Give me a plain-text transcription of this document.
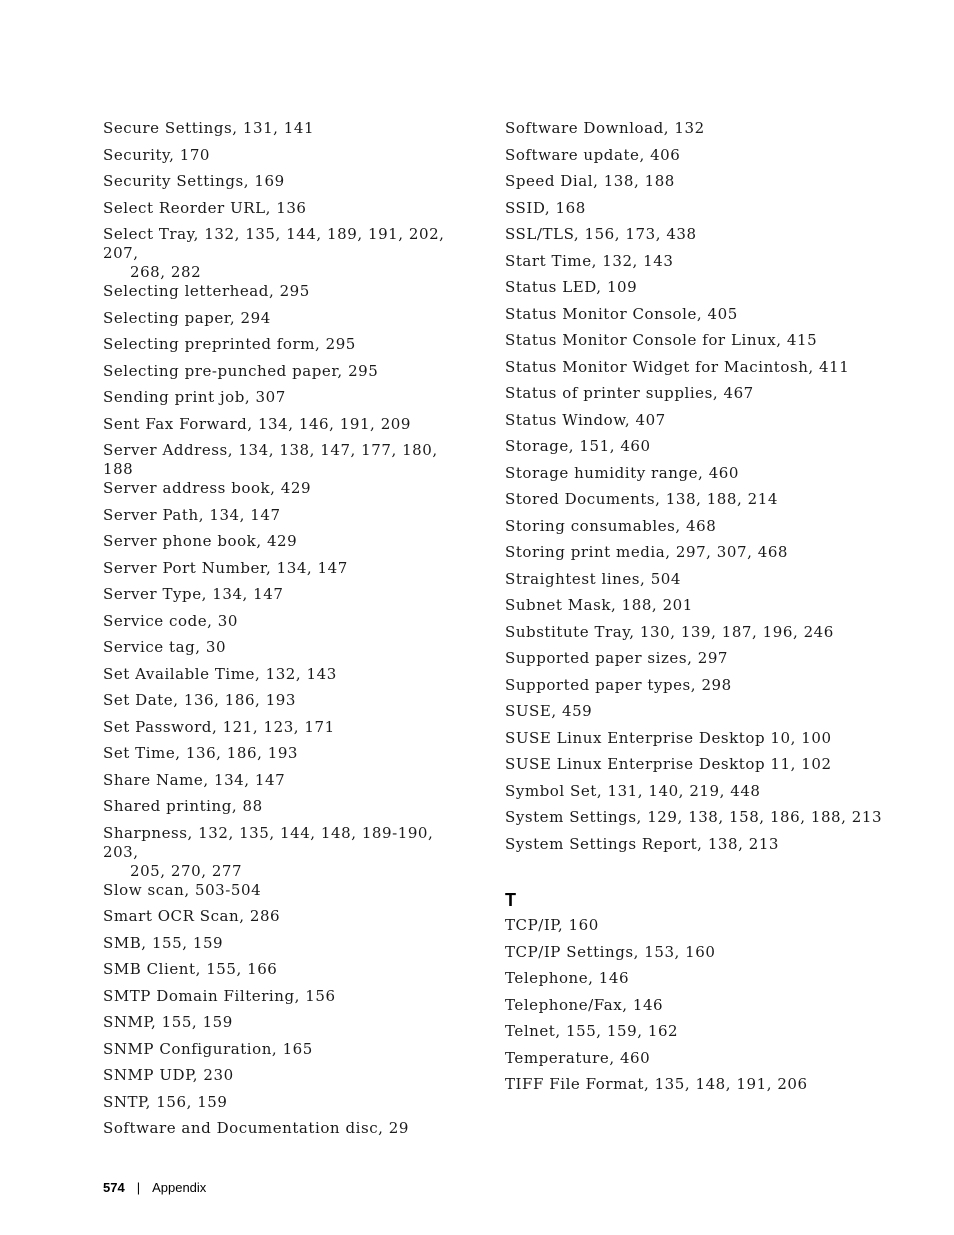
Secure Settings, 131, 141
Security, 170
Security Settings, 169
Select Reorder URL, 136
Select Tray, 132, 135, 144, 189, 191, 202, 207,
268, 282
Selecting letterhead, 295
Selecting paper, 294
Selecting preprinted form, 295
Selecting pre-punched paper, 295
Sending print job, 307
Sent Fax Forward, 134, 146, 191, 209
Server Address, 134, 138, 147, 177, 180, 188
Server address book, 429
Server Path, 134, 147
Server phone book, 429
Server Port Number, 134, 147
Server Type, 134, 147
Service code, 30
Service tag, 30
Set Available Time, 132, 143
Set Date, 136, 186, 193
Set Password, 121, 123, 171
Set Time, 136, 186, 193
Share Name, 134, 147
Shared printing, 88
Sharpness, 132, 135, 144, 148, 189-190, 203,
205, 270, 277
Slow scan, 503-504
Smart OCR Scan, 286
SMB, 155, 159
SMB Client, 155, 166
SMTP Domain Filtering, 156
SNMP, 155, 159
SNMP Configuration, 165
SNMP UDP, 230
SNTP, 156, 159
Software and Documentation disc, 29
Software Download, 132
Software update, 406
Speed Dial, 138, 188
SSID, 168
SSL/TLS, 156, 173, 438
Start Time, 132, 143
Status LED, 109
Status Monitor Console, 405
Status Monitor Console for Linux, 415
Status Monitor Widget for Macintosh, 411
Status of printer supplies, 467
Status Window, 407
Storage, 151, 460
Storage humidity range, 460
Stored Documents, 138, 188, 214
Storing consumables, 468
Storing print media, 297, 307, 468
Straightest lines, 504
Subnet Mask, 188, 201
Substitute Tray, 130, 139, 187, 196, 246
Supported paper sizes, 297
Supported paper types, 298
SUSE, 459
SUSE Linux Enterprise Desktop 10, 100
SUSE Linux Enterprise Desktop 11, 102
Symbol Set, 131, 140, 219, 448
System Settings, 129, 138, 158, 186, 188, 213
System Settings Report, 138, 213
T
TCP/IP, 160
TCP/IP Settings, 153, 160
Telephone, 146
Telephone/Fax, 146
Telnet, 155, 159, 162
Temperature, 460
TIFF File Format, 135, 148, 191, 206
574 | Appendix
